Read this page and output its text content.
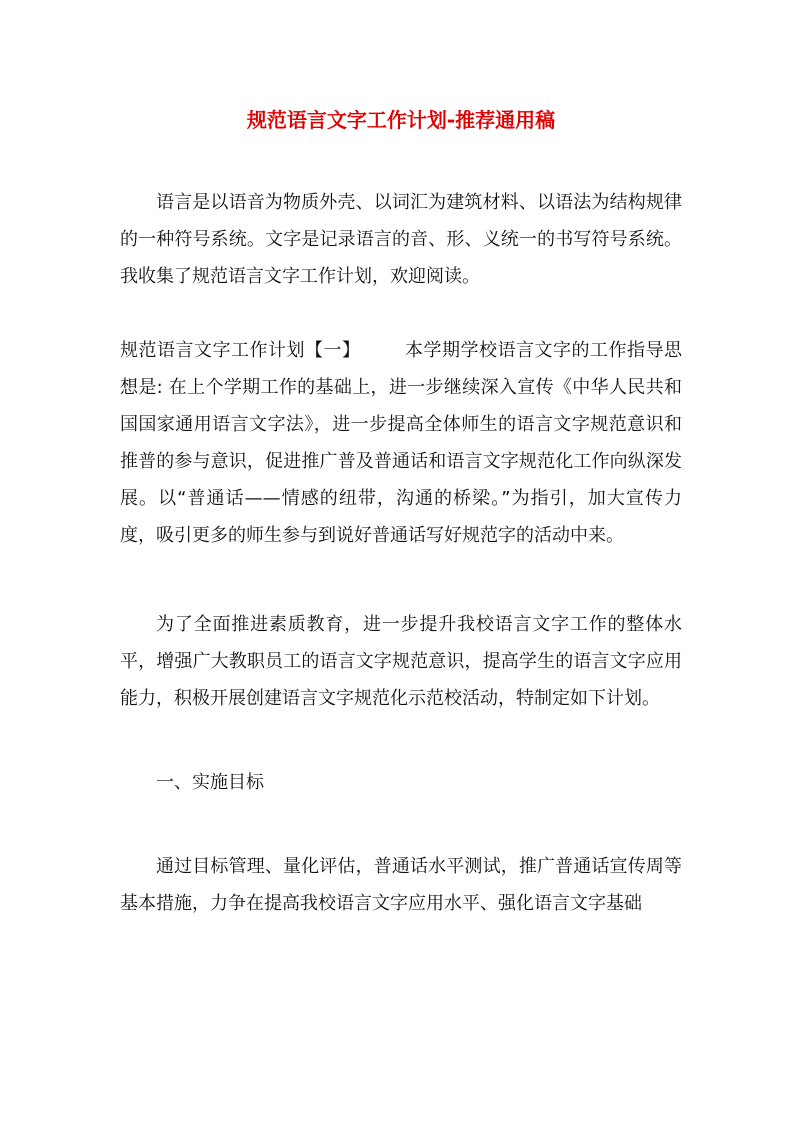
规范语言文字工作计划-推荐通用稿

语言是以语音为物质外壳、以词汇为建筑材料、以语法为结构规律的一种符号系统。文字是记录语言的音、形、义统一的书写符号系统。我收集了规范语言文字工作计划，欢迎阅读。

规范语言文字工作计划【一】 本学期学校语言文字的工作指导思想是: 在上个学期工作的基础上，进一步继续深入宣传《中华人民共和国国家通用语言文字法》，进一步提高全体师生的语言文字规范意识和推普的参与意识，促进推广普及普通话和语言文字规范化工作向纵深发展。以“普通话——情感的纽带，沟通的桥梁。”为指引，加大宣传力度，吸引更多的师生参与到说好普通话写好规范字的活动中来。

为了全面推进素质教育，进一步提升我校语言文字工作的整体水平，增强广大教职员工的语言文字规范意识，提高学生的语言文字应用能力，积极开展创建语言文字规范化示范校活动，特制定如下计划。

一、实施目标

通过目标管理、量化评估，普通话水平测试，推广普通话宣传周等基本措施，力争在提高我校语言文字应用水平、强化语言文字基础
